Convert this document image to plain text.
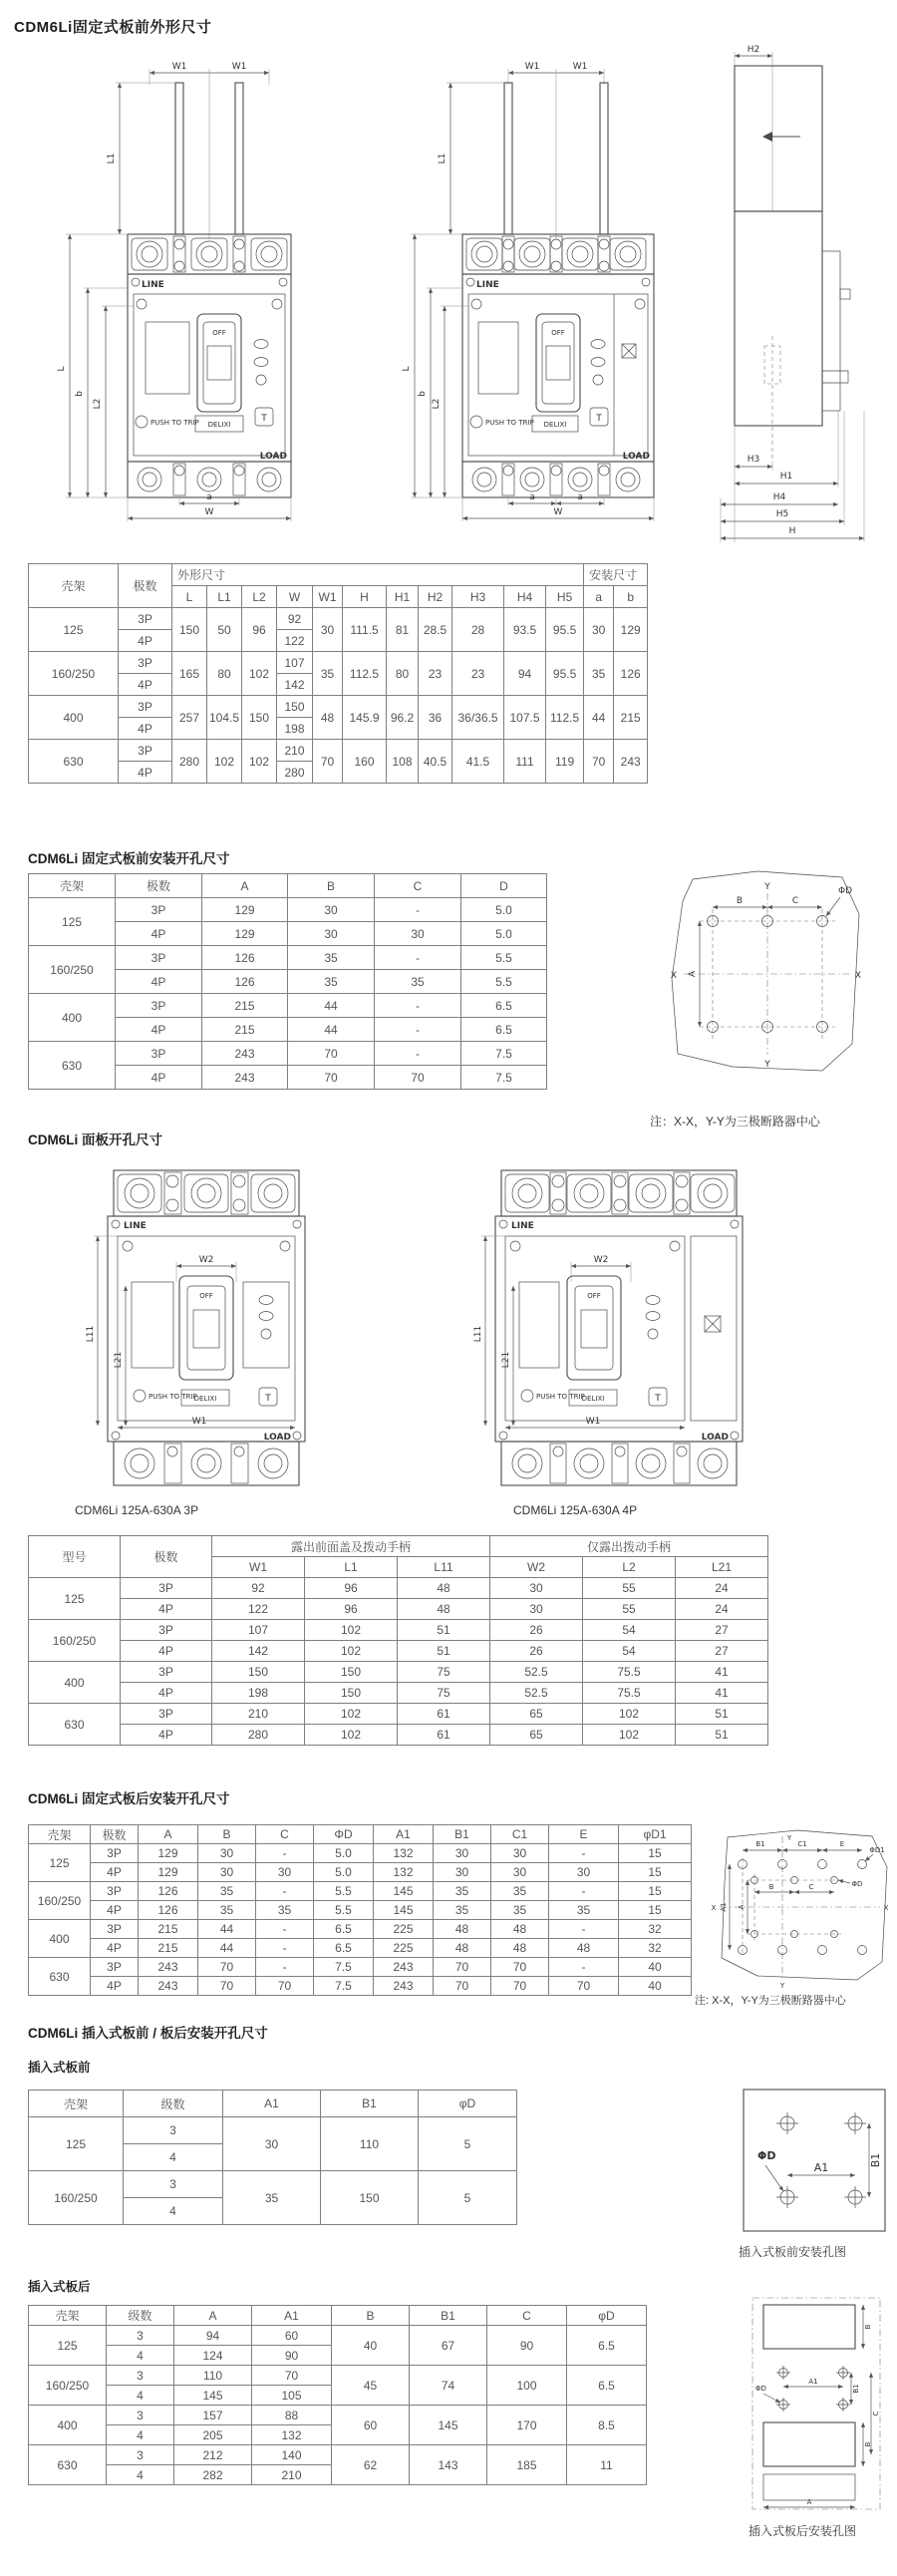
CDM6Li固定式板前外形尺寸
W1	W1
L1
LINE
OFF
PUSH TO TRIP DELIXI
T
LOAD
a
W
L
b
L2
W1	W1
L1
LINE
OFF
PUSH TO TRIP DELIXI
T
LOAD
a	a
W
L
b
L2
H2
H3
H1
H4
H5
H
壳架	极数	外形尺寸											安装尺寸	
		L	L1	L2	W	W1	H	H1	H2	H3	H4	H5	a	b
125	3P	150	50	96	92	30	111.5	81	28.5	28	93.5	95.5	30	129
	4P				122									
160/250	3P	165	80	102	107	35	112.5	80	23	23	94	95.5	35	126
	4P				142									
400	3P	257	104.5	150	150	48	145.9	96.2	36	36/36.5	107.5	112.5	44	215
	4P				198									
630	3P	280	102	102	210	70	160	108	40.5	41.5	111	119	70	243
	4P				280									
CDM6Li 固定式板前安装开孔尺寸
壳架	极数	A	B	C	D
125	3P	129	30	-	5.0
	4P	129	30	30	5.0
160/250	3P	126	35	-	5.5
	4P	126	35	35	5.5
400	3P	215	44	-	6.5
	4P	215	44	-	6.5
630	3P	243	70	-	7.5
	4P	243	70	70	7.5
Y
Y
X	X
B	C
ΦD
A
注：X-X，Y-Y为三极断路器中心
CDM6Li 面板开孔尺寸
LINE
W2
OFF
PUSH TO TRIP
DELIXI	T
W1
LOAD
L11
L21
LINE
W2
OFF
PUSH TO TRIP
DELIXI	T
W1
LOAD
L11
L21
CDM6Li 125A-630A 3P	CDM6Li 125A-630A 4P
型号	极数	露出前面盖及拨动手柄			仅露出拨动手柄		
		W1	L1	L11	W2	L2	L21
125	3P	92	96	48	30	55	24
	4P	122	96	48	30	55	24
160/250	3P	107	102	51	26	54	27
	4P	142	102	51	26	54	27
400	3P	150	150	75	52.5	75.5	41
	4P	198	150	75	52.5	75.5	41
630	3P	210	102	61	65	102	51
	4P	280	102	61	65	102	51
CDM6Li 固定式板后安装开孔尺寸
壳架	极数	A	B	C	ΦD	A1	B1	C1	E	φD1
125	3P	129	30	-	5.0	132	30	30	-	15
	4P	129	30	30	5.0	132	30	30	30	15
160/250	3P	126	35	-	5.5	145	35	35	-	15
	4P	126	35	35	5.5	145	35	35	35	15
400	3P	215	44	-	6.5	225	48	48	-	32
	4P	215	44	-	6.5	225	48	48	48	32
630	3P	243	70	-	7.5	243	70	70	-	40
	4P	243	70	70	7.5	243	70	70	70	40
B1
Y
C1	E
B	C
ΦD1
ΦD
A1 A
X	X
Y
注: X-X，Y-Y为三极断路器中心
CDM6Li 插入式板前 / 板后安装开孔尺寸
插入式板前
壳架	级数	A1	B1	φD
125	3	30	110	5
	4			
160/250	3	35	150	5
	4			
ΦD
A1
B1
插入式板前安装孔图
插入式板后
壳架	级数	A	A1	B	B1	C	φD
125	3	94	60	40	67	90	6.5
	4	124	90				
160/250	3	110	70	45	74	100	6.5
	4	145	105				
400	3	157	88	60	145	170	8.5
	4	205	132				
630	3	212	140	62	143	185	11
	4	282	210				
B
ΦD
A1
B1
C
B
A
插入式板后安装孔图
